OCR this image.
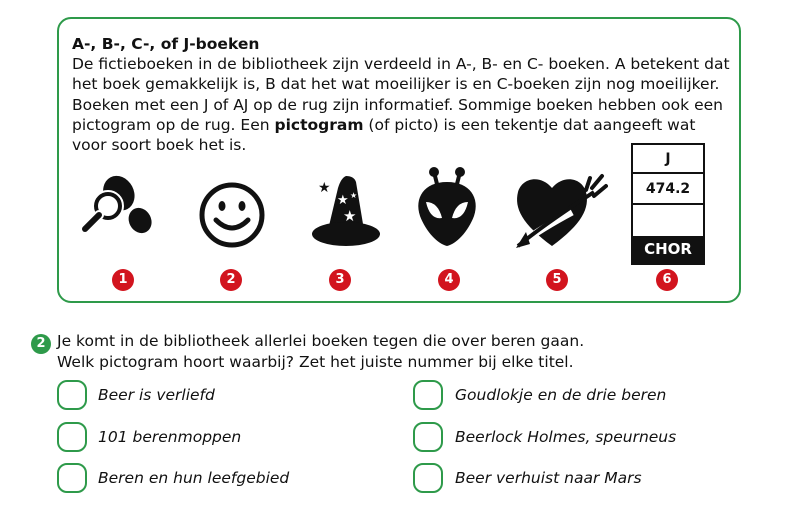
A-, B-, C-, of J-boeken
De fictieboeken in de bibliotheek zijn verdeeld in A-, B- en C- boeken. A betekent dat het boek gemakkelijk is, B dat het wat moeilijker is en C-boeken zijn nog moeilijker. Boeken met een J of AJ op de rug zijn informatief. Sommige boeken hebben ook een pictogram op de rug. Een pictogram (of picto) is een tekentje dat aangeeft wat voor soort boek het is.
★
★
★
★
J
474.2
CHOR
1	2	3	4	5	6
2 Je komt in de bibliotheek allerlei boeken tegen die over beren gaan.
Welk pictogram hoort waarbij? Zet het juiste nummer bij elke titel.
Beer is verliefd
101 berenmoppen
Beren en hun leefgebied
Goudlokje en de drie beren
Beerlock Holmes, speurneus
Beer verhuist naar Mars
